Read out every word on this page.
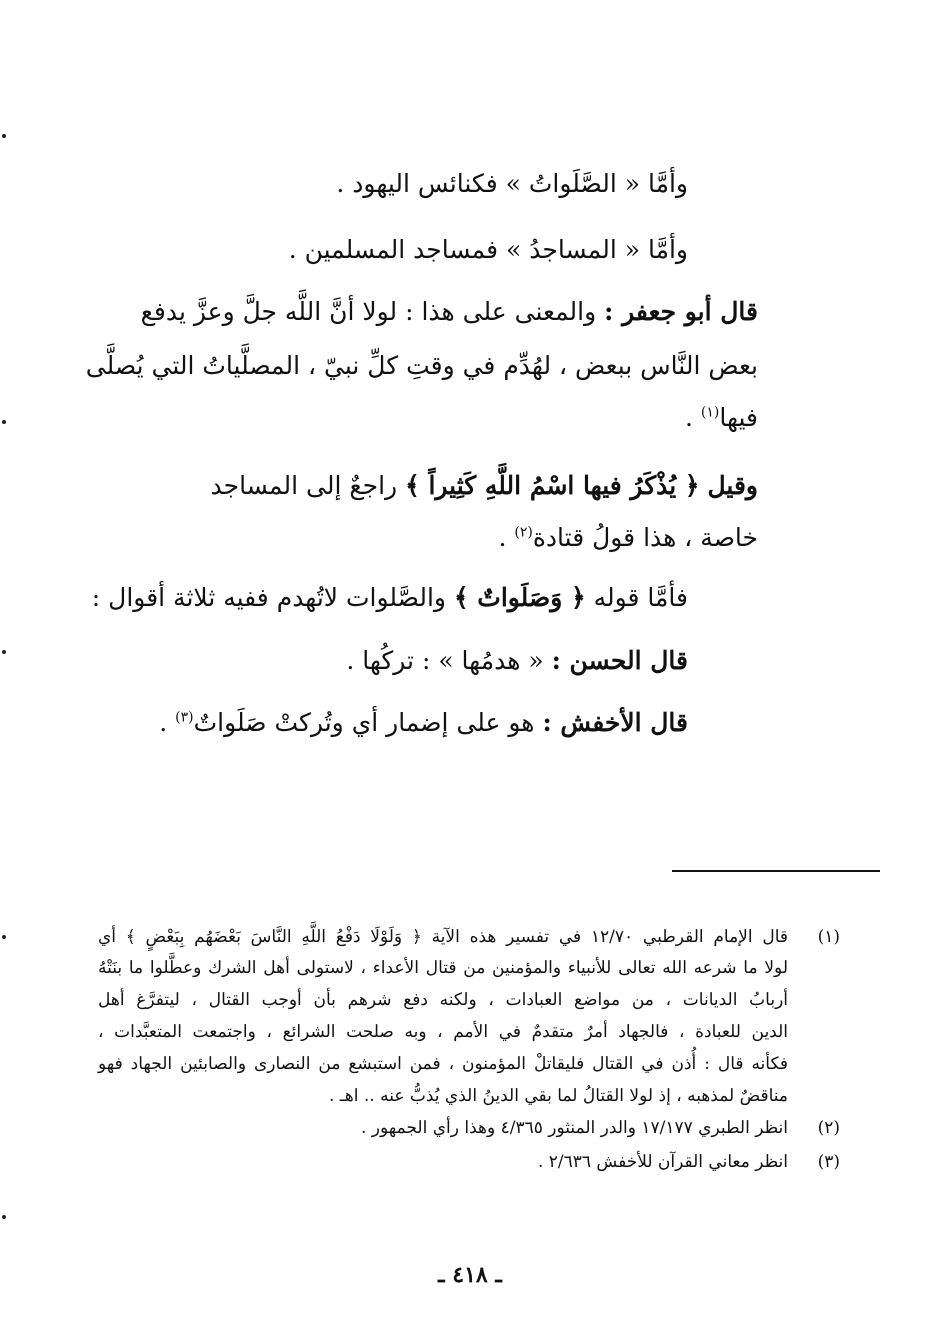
وأمَّا « الصَّلَواتُ » فكنائس اليهود .
وأمَّا « المساجدُ » فمساجد المسلمين .
قال أبو جعفر : والمعنى على هذا : لولا أنَّ اللَّه جلَّ وعزَّ يدفع
بعض النَّاس ببعض ، لهُدِّم في وقتِ كلِّ نبيّ ، المصلَّياتُ التي يُصلَّى
فيها$^{(١)}$ .
وقيل ﴿ يُذْكَرُ فيها اسْمُ اللَّهِ كَثِيراً ﴾ راجعٌ إلى المساجد
خاصة ، هذا قولُ قتادة$^{(٢)}$ .
فأمَّا قوله ﴿ وَصَلَواتٌ ﴾ والصَّلوات لاتُهدم ففيه ثلاثة أقوال :
قال الحسن : « هدمُها » : تركُها .
قال الأخفش : هو على إضمار أي وتُركتْ صَلَواتٌ$^{(٣)}$ .
(١)
قال الإمام القرطبي ١٢/٧٠ في تفسير هذه الآية ﴿ وَلَوْلَا دَفْعُ اللَّهِ النَّاسَ بَعْضَهُم بِبَعْضٍ ﴾ أي
لولا ما شرعه الله تعالى للأنبياء والمؤمنين من قتال الأعداء ، لاستولى أهل الشرك وعطَّلوا ما بنَتْهُ
أربابُ الديانات ، من مواضع العبادات ، ولكنه دفع شرهم بأن أوجب القتال ، ليتفرَّغ أهل
الدين للعبادة ، فالجهاد أمرٌ متقدمٌ في الأمم ، وبه صلحت الشرائع ، واجتمعت المتعبَّدات ،
فكأنه قال : أُذن في القتال فليقاتلْ المؤمنون ، فمن استبشع من النصارى والصابئين الجهاد فهو
مناقضٌ لمذهبه ، إذ لولا القتالُ لما بقي الدينُ الذي يُذبُّ عنه .. اهـ .
(٢)
انظر الطبري ١٧/١٧٧ والدر المنثور ٤/٣٦٥ وهذا رأي الجمهور .
(٣)
انظر معاني القرآن للأخفش ٢/٦٣٦ .
ـ ٤١٨ ـ
